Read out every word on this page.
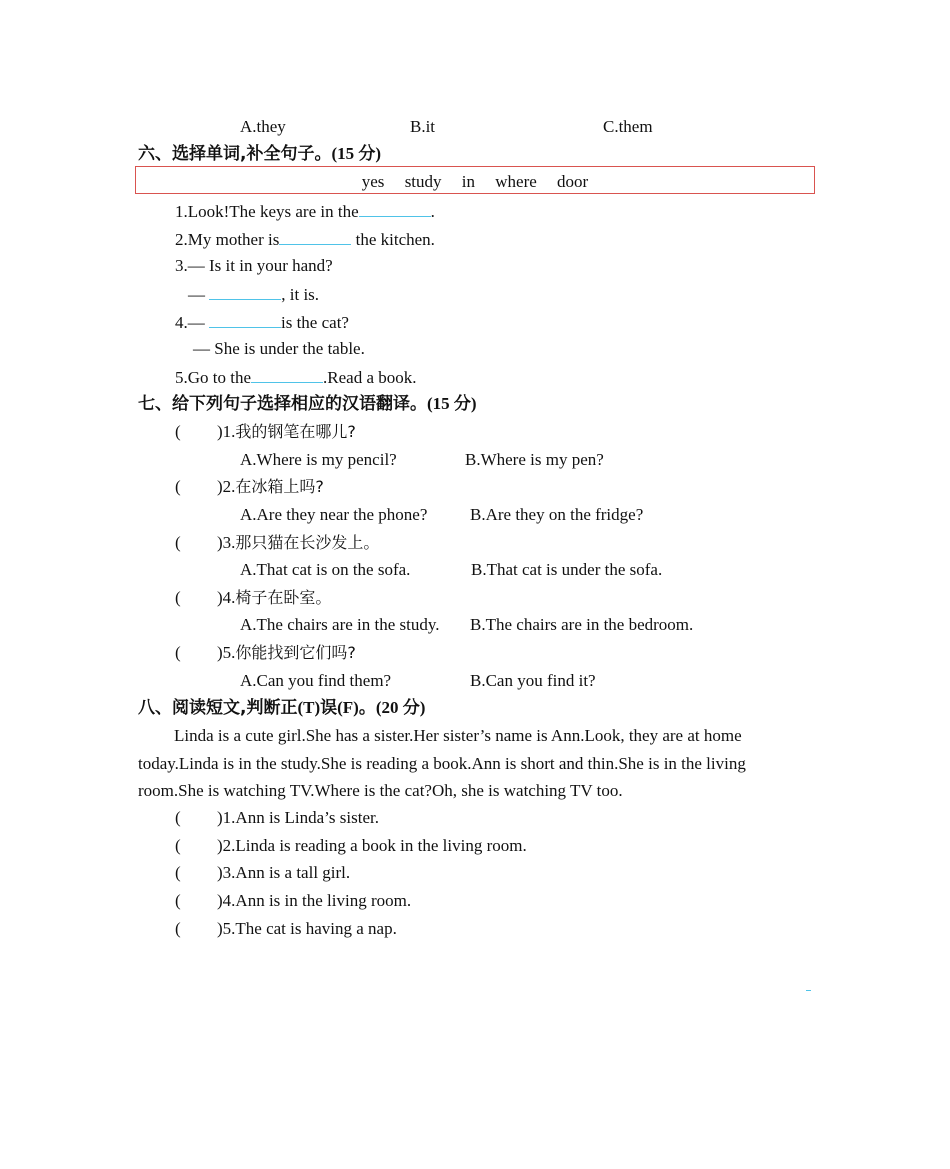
A.they	B.it	C.them
六、选择单词,补全句子。(15 分)
yes study in where door
1.Look!The keys are in the	.
2.My mother is	the kitchen.
3.— Is it in your hand?
—	, it is.
4.—	is the cat?
— She is under the table.
5.Go to the	.Read a book.
七、给下列句子选择相应的汉语翻译。(15 分)
( )1.我的钢笔在哪儿?
A.Where is my pencil?	B.Where is my pen?
( )2.在冰箱上吗?
A.Are they near the phone?	B.Are they on the fridge?
( )3.那只猫在长沙发上。
A.That cat is on the sofa.	B.That cat is under the sofa.
( )4.椅子在卧室。
A.The chairs are in the study. B.The chairs are in the bedroom.
( )5.你能找到它们吗?
A.Can you find them?	B.Can you find it?
八、阅读短文,判断正(T)误(F)。(20 分)
Linda is a cute girl.She has a sister.Her sister’s name is Ann.Look, they are at home today.Linda is in the study.She is reading a book.Ann is short and thin.She is in the living room.She is watching TV.Where is the cat?Oh, she is watching TV too.
( )1.Ann is Linda’s sister.
( )2.Linda is reading a book in the living room.
( )3.Ann is a tall girl.
( )4.Ann is in the living room.
( )5.The cat is having a nap.
